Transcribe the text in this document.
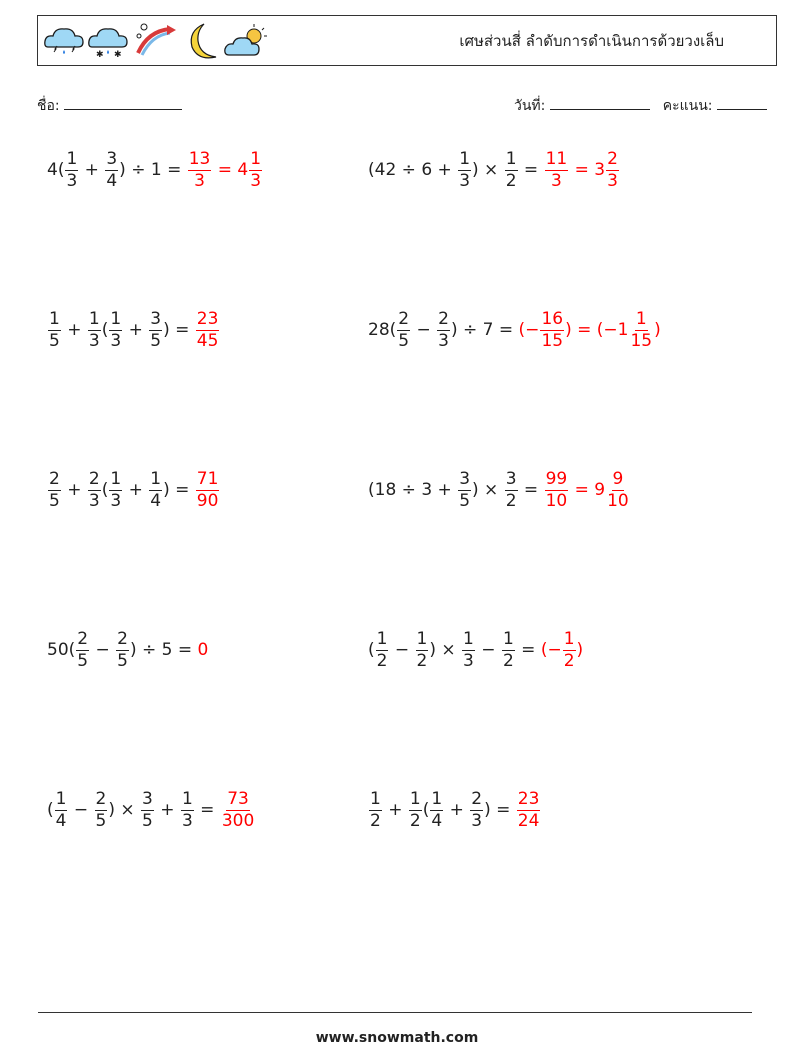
✱ ✱
เศษส่วนสี่ ลำดับการดำเนินการด้วยวงเล็บ
ชื่อ:	วันที่:	คะแนน:
$4( \frac{1}{3} + \frac{3}{4}$ ) ÷ $1 = \frac{13}{3} = 4 \frac{1}{3}$	($42 \div 6 + \frac{1}{3}$ ) × $\frac{1}{2} = \frac{11}{3} = 3 \frac{2}{3}$
$\frac{1}{5} + \frac{1}{3}$ ( $\frac{1}{3} + \frac{3}{5}$ ) = $\frac{23}{45}$	$28( \frac{2}{5} - \frac{2}{3}$ ) ÷ 7 = (− $\frac{16}{15}$ ) = ($-1 \frac{1}{15}$ )
$\frac{2}{5} + \frac{2}{3}$ ( $\frac{1}{3} + \frac{1}{4}$ ) = $\frac{71}{90}$	($18 \div 3 + \frac{3}{5}$ ) × $\frac{3}{2} = \frac{99}{10} = 9 \frac{9}{10}$
$50( \frac{2}{5} - \frac{2}{5}$ ) ÷ 5 = 0	( $\frac{1}{2} - \frac{1}{2}$ ) × $\frac{1}{3} - \frac{1}{2}$ = (− $\frac{1}{2}$ )
( $\frac{1}{4} - \frac{2}{5}$ ) × $\frac{3}{5} + \frac{1}{3} = \frac{73}{300}$	$\frac{1}{2} + \frac{1}{2}$ ( $\frac{1}{4} + \frac{2}{3}$ ) = $\frac{23}{24}$
www.snowmath.com
